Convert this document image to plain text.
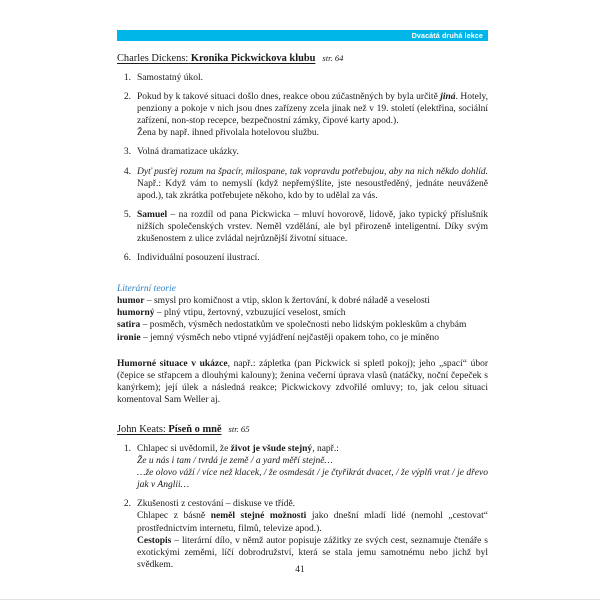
Dvacátá druhá lekce
Charles Dickens: Kronika Pickwickova klubu str. 64
1. Samostatný úkol.
2. Pokud by k takové situaci došlo dnes, reakce obou zúčastněných by byla určitě jiná. Hotely, penziony a pokoje v nich jsou dnes zařízeny zcela jinak než v 19. století (elektřina, sociální zařízení, non-stop recepce, bezpečnostní zámky, čipové karty apod.).
Žena by např. ihned přivolala hotelovou službu.
3. Volná dramatizace ukázky.
4. Dyť pusťej rozum na špacír, milospane, tak vopravdu potřebujou, aby na nich někdo dohlíd. Např.: Když vám to nemyslí (když nepřemýšlíte, jste nesoustředěný, jednáte neuváženě apod.), tak zkrátka potřebujete někoho, kdo by to udělal za vás.
5. Samuel – na rozdíl od pana Pickwicka – mluví hovorově, lidově, jako typický příslušník nižších společenských vrstev. Neměl vzdělání, ale byl přirozeně inteligentní. Díky svým zkušenostem z ulice zvládal nejrůznější životní situace.
6. Individuální posouzení ilustrací.
Literární teorie
humor – smysl pro komičnost a vtip, sklon k žertování, k dobré náladě a veselosti
humorný – plný vtipu, žertovný, vzbuzující veselost, smích
satira – posměch, výsměch nedostatkům ve společnosti nebo lidským pokleskům a chybám
ironie – jemný výsměch nebo vtipné vyjádření nejčastěji opakem toho, co je míněno
Humorné situace v ukázce, např.: zápletka (pan Pickwick si spletl pokoj); jeho „spací“ úbor (čepice se střapcem a dlouhými kalouny); ženina večerní úprava vlasů (natáčky, noční čepeček s kanýrkem); její úlek a následná reakce; Pickwickovy zdvořilé omluvy; to, jak celou situaci komentoval Sam Weller aj.
John Keats: Píseň o mně str. 65
1. Chlapec si uvědomil, že život je všude stejný, např.:
Že u nás i tam / tvrdá je země / a yard měří stejně…
…že olovo váží / více než klacek, / že osmdesát / je čtyřikrát dvacet, / že výplň vrat / je dřevo jak v Anglii…
2. Zkušenosti z cestování – diskuse ve třídě.
Chlapec z básně neměl stejné možnosti jako dnešní mladí lidé (nemohl „cestovat“ prostřednictvím internetu, filmů, televize apod.).
Cestopis – literární dílo, v němž autor popisuje zážitky ze svých cest, seznamuje čtenáře s exotickými zeměmi, líčí dobrodružství, která se stala jemu samotnému nebo jichž byl svědkem.
41
